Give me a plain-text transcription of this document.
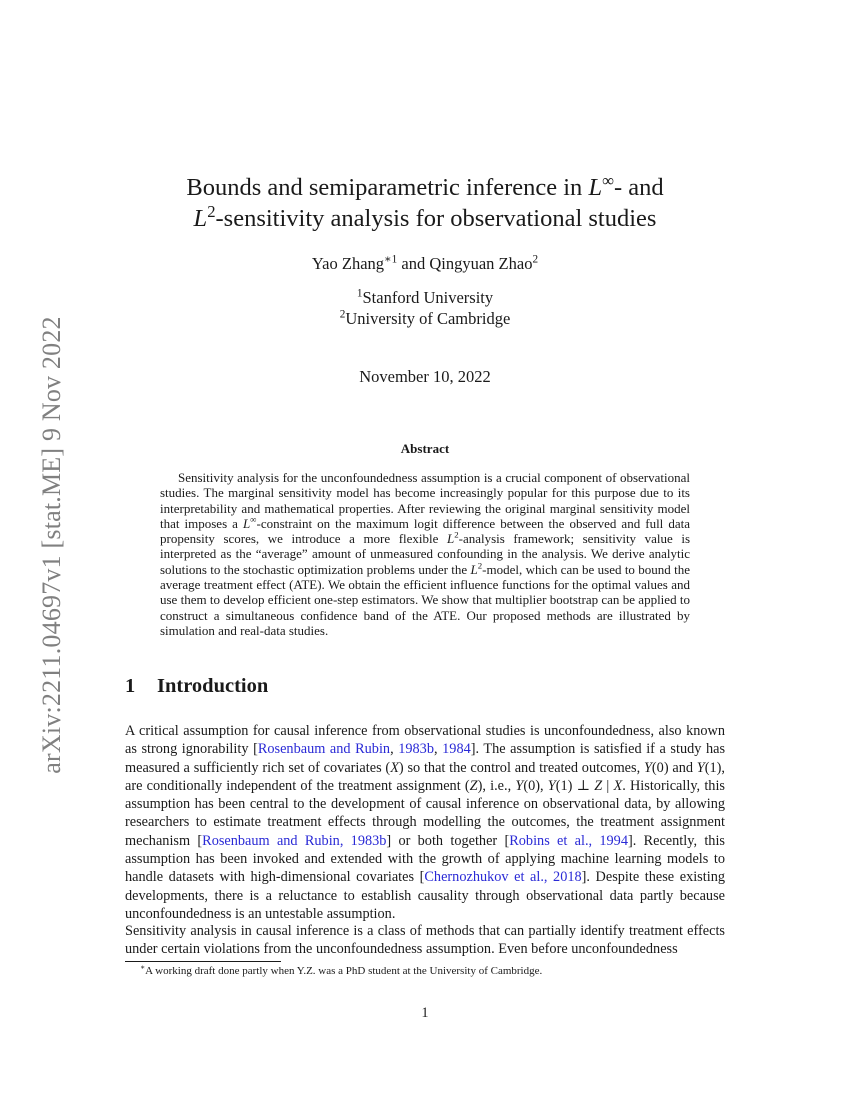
arXiv:2211.04697v1 [stat.ME] 9 Nov 2022
Bounds and semiparametric inference in L∞- and
$L^2$-sensitivity analysis for observational studies
Yao Zhang$^{∗1}$ and Qingyuan Zhao$^2$
$^1$Stanford University
$^2$University of Cambridge
November 10, 2022
Abstract
Sensitivity analysis for the unconfoundedness assumption is a crucial component of observational studies. The marginal sensitivity model has become increasingly popular for this purpose due to its interpretability and mathematical properties. After reviewing the original marginal sensitivity model that imposes a L∞-constraint on the maximum logit difference between the observed and full data propensity scores, we introduce a more flexible $L^2$-analysis framework; sensitivity value is interpreted as the “average” amount of unmeasured confounding in the analysis. We derive analytic solutions to the stochastic optimization problems under the $L^2$-model, which can be used to bound the average treatment effect (ATE). We obtain the efficient influence functions for the optimal values and use them to develop efficient one-step estimators. We show that multiplier bootstrap can be applied to construct a simultaneous confidence band of the ATE. Our proposed methods are illustrated by simulation and real-data studies.
1 Introduction
A critical assumption for causal inference from observational studies is unconfoundedness, also known as strong ignorability [Rosenbaum and Rubin, 1983b, 1984]. The assumption is satisfied if a study has measured a sufficiently rich set of covariates (X) so that the control and treated outcomes, Y(0) and Y(1), are conditionally independent of the treatment assignment (Z), i.e., Y(0), Y(1) ⊥ Z | X. Historically, this assumption has been central to the development of causal inference on observational data, by allowing researchers to estimate treatment effects through modelling the outcomes, the treatment assignment mechanism [Rosenbaum and Rubin, 1983b] or both together [Robins et al., 1994]. Recently, this assumption has been invoked and extended with the growth of applying machine learning models to handle datasets with high-dimensional covariates [Chernozhukov et al., 2018]. Despite these existing developments, there is a reluctance to establish causality through observational data partly because unconfoundedness is an untestable assumption.
Sensitivity analysis in causal inference is a class of methods that can partially identify treatment effects under certain violations from the unconfoundedness assumption. Even before unconfoundedness
∗A working draft done partly when Y.Z. was a PhD student at the University of Cambridge.
1
